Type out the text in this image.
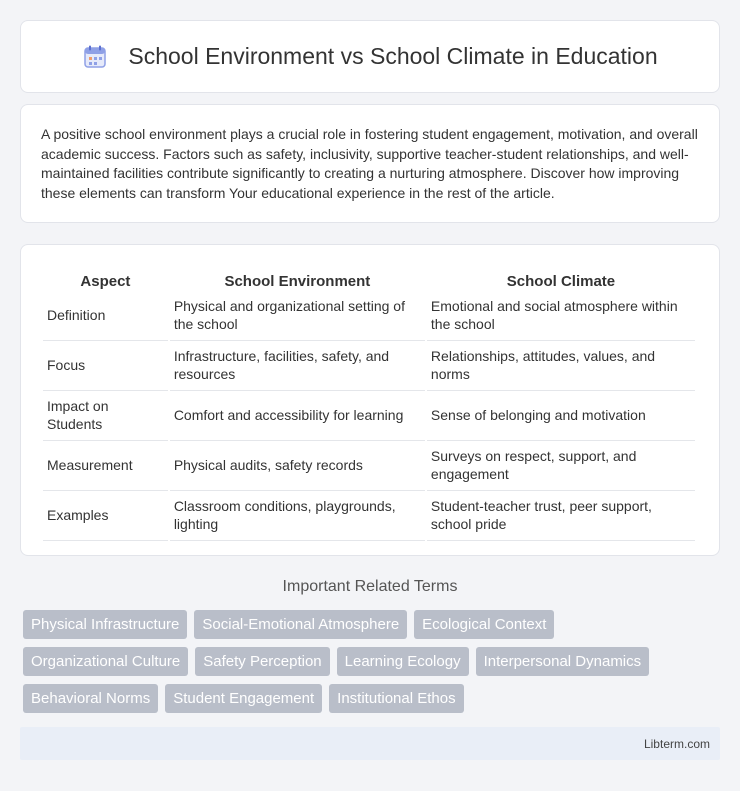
School Environment vs School Climate in Education

A positive school environment plays a crucial role in fostering student engagement, motivation, and overall academic success. Factors such as safety, inclusivity, supportive teacher-student relationships, and well-maintained facilities contribute significantly to creating a nurturing atmosphere. Discover how improving these elements can transform Your educational experience in the rest of the article.

Aspect	School Environment	School Climate
Definition	Physical and organizational setting of the school	Emotional and social atmosphere within the school
Focus	Infrastructure, facilities, safety, and resources	Relationships, attitudes, values, and norms
Impact on Students	Comfort and accessibility for learning	Sense of belonging and motivation
Measurement	Physical audits, safety records	Surveys on respect, support, and engagement
Examples	Classroom conditions, playgrounds, lighting	Student-teacher trust, peer support, school pride
Important Related Terms
Physical Infrastructure	Social-Emotional Atmosphere	Ecological Context
Organizational Culture	Safety Perception	Learning Ecology	Interpersonal Dynamics
Behavioral Norms	Student Engagement	Institutional Ethos
Libterm.com
